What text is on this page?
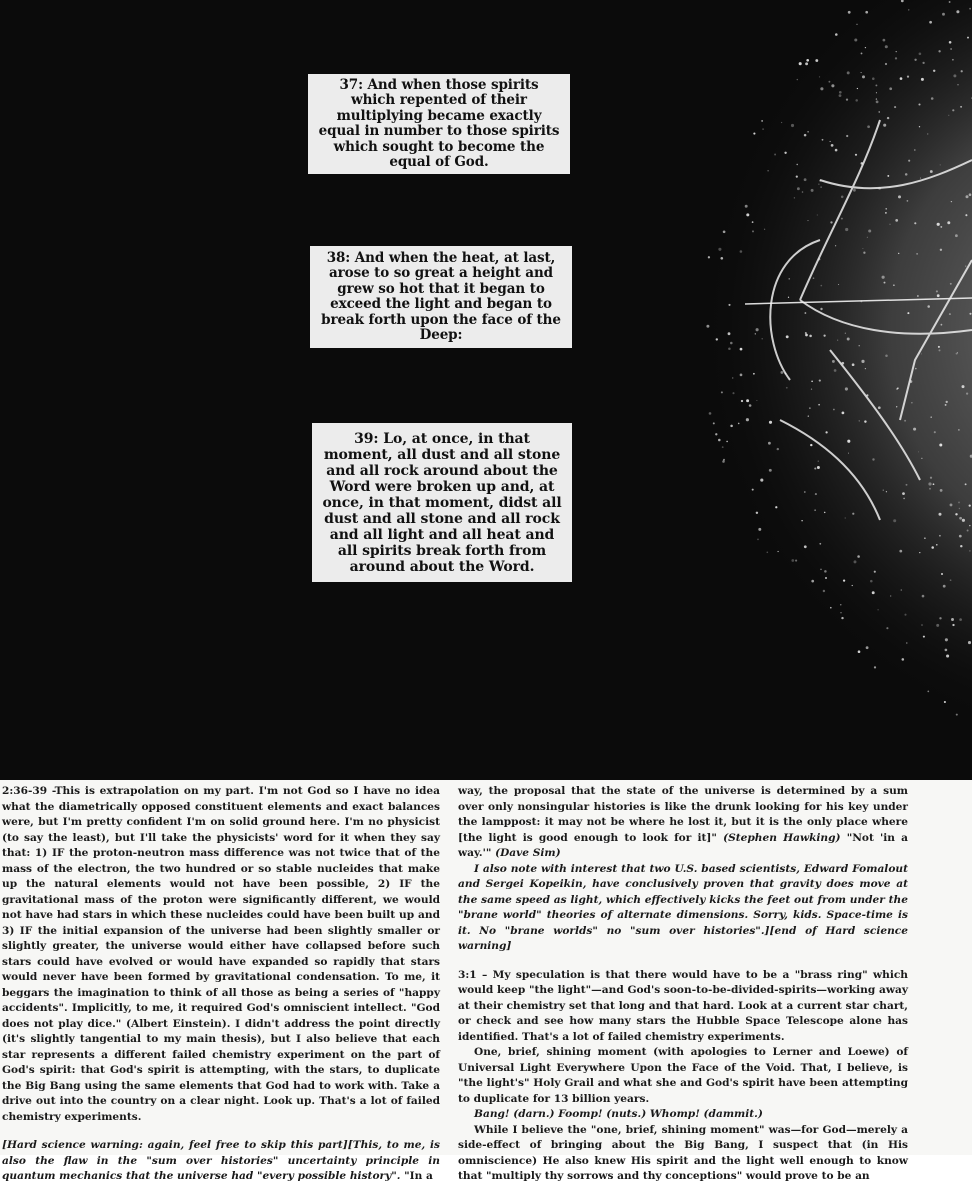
37: And when those spirits which repented of their multiplying became exactly equal in number to those spirits which sought to become the equal of God.
38: And when the heat, at last, arose to so great a height and grew so hot that it began to exceed the light and began to break forth upon the face of the Deep:
39: Lo, at once, in that moment, all dust and all stone and all rock around about the Word were broken up and, at once, in that moment, didst all dust and all stone and all rock and all light and all heat and all spirits break forth from around about the Word.

2:36-39 -This is extrapolation on my part. I'm not God so I have no idea what the diametrically opposed constituent elements and exact balances were, but I'm pretty confident I'm on solid ground here. I'm no physicist (to say the least), but I'll take the physicists' word for it when they say that: 1) IF the proton-neutron mass difference was not twice that of the mass of the electron, the two hundred or so stable nucleides that make up the natural elements would not have been possible, 2) IF the gravitational mass of the proton were significantly different, we would not have had stars in which these nucleides could have been built up and 3) IF the initial expansion of the universe had been slightly smaller or slightly greater, the universe would either have collapsed before such stars could have evolved or would have expanded so rapidly that stars would never have been formed by gravitational condensation. To me, it beggars the imagination to think of all those as being a series of "happy accidents". Implicitly, to me, it required God's omniscient intellect. "God does not play dice." (Albert Einstein). I didn't address the point directly (it's slightly tangential to my main thesis), but I also believe that each star represents a different failed chemistry experiment on the part of God's spirit: that God's spirit is attempting, with the stars, to duplicate the Big Bang using the same elements that God had to work with. Take a drive out into the country on a clear night. Look up. That's a lot of failed chemistry experiments.

[Hard science warning: again, feel free to skip this part][This, to me, is also the flaw in the "sum over histories" uncertainty principle in quantum mechanics that the universe had "every possible history". "In a

way, the proposal that the state of the universe is determined by a sum over only nonsingular histories is like the drunk looking for his key under the lamppost: it may not be where he lost it, but it is the only place where [the light is good enough to look for it]" (Stephen Hawking) "Not 'in a way.'" (Dave Sim)

I also note with interest that two U.S. based scientists, Edward Fomalout and Sergei Kopeikin, have conclusively proven that gravity does move at the same speed as light, which effectively kicks the feet out from under the "brane world" theories of alternate dimensions. Sorry, kids. Space-time is it. No "brane worlds" no "sum over histories".][end of Hard science warning]

3:1 – My speculation is that there would have to be a "brass ring" which would keep "the light"—and God's soon-to-be-divided-spirits—working away at their chemistry set that long and that hard. Look at a current star chart, or check and see how many stars the Hubble Space Telescope alone has identified. That's a lot of failed chemistry experiments.

One, brief, shining moment (with apologies to Lerner and Loewe) of Universal Light Everywhere Upon the Face of the Void. That, I believe, is "the light's" Holy Grail and what she and God's spirit have been attempting to duplicate for 13 billion years.

Bang! (darn.) Foomp! (nuts.) Whomp! (dammit.)

While I believe the "one, brief, shining moment" was—for God—merely a side-effect of bringing about the Big Bang, I suspect that (in His omniscience) He also knew His spirit and the light well enough to know that "multiply thy sorrows and thy conceptions" would prove to be an
